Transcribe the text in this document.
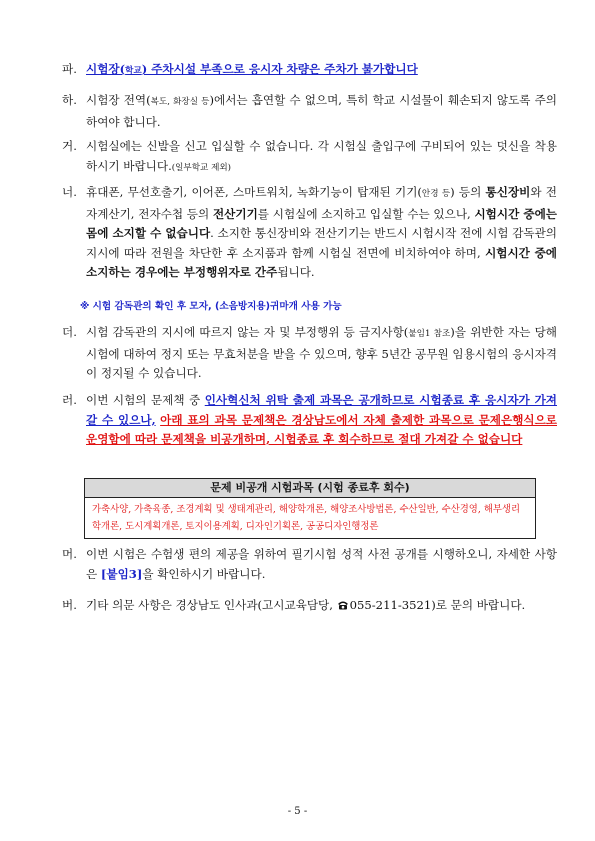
파. 시험장(학교) 주차시설 부족으로 응시자 차량은 주차가 불가합니다
하. 시험장 전역(복도, 화장실 등)에서는 흡연할 수 없으며, 특히 학교 시설물이 훼손되지 않도록 주의하여야 합니다.
거. 시험실에는 신발을 신고 입실할 수 없습니다. 각 시험실 출입구에 구비되어 있는 덧신을 착용하시기 바랍니다.(일부학교 제외)
너. 휴대폰, 무선호출기, 이어폰, 스마트워치, 녹화기능이 탑재된 기기(안경 등) 등의 통신장비와 전자계산기, 전자수첩 등의 전산기기를 시험실에 소지하고 입실할 수는 있으나, 시험시간 중에는 몸에 소지할 수 없습니다. 소지한 통신장비와 전산기기는 반드시 시험시작 전에 시험 감독관의 지시에 따라 전원을 차단한 후 소지품과 함께 시험실 전면에 비치하여야 하며, 시험시간 중에 소지하는 경우에는 부정행위자로 간주됩니다.
※ 시험 감독관의 확인 후 모자, (소음방지용)귀마개 사용 가능
더. 시험 감독관의 지시에 따르지 않는 자 및 부정행위 등 금지사항(붙임1 참조)을 위반한 자는 당해 시험에 대하여 정지 또는 무효처분을 받을 수 있으며, 향후 5년간 공무원 임용시험의 응시자격이 정지될 수 있습니다.
러. 이번 시험의 문제책 중 인사혁신처 위탁 출제 과목은 공개하므로 시험종료 후 응시자가 가져갈 수 있으나, 아래 표의 과목 문제책은 경상남도에서 자체 출제한 과목으로 문제은행식으로 운영함에 따라 문제책을 비공개하며, 시험종료 후 회수하므로 절대 가져갈 수 없습니다
문제 비공개 시험과목 (시험 종료후 회수)
가축사양, 가축육종, 조경계획 및 생태계관리, 해양학개론, 해양조사방법론, 수산일반, 수산경영, 해부생리학개론, 도시계획개론, 토지이용계획, 디자인기획론, 공공디자인행정론
머. 이번 시험은 수험생 편의 제공을 위하여 필기시험 성적 사전 공개를 시행하오니, 자세한 사항은 [붙임3]을 확인하시기 바랍니다.
버. 기타 의문 사항은 경상남도 인사과(고시교육담당, 055-211-3521)로 문의 바랍니다.
- 5 -
